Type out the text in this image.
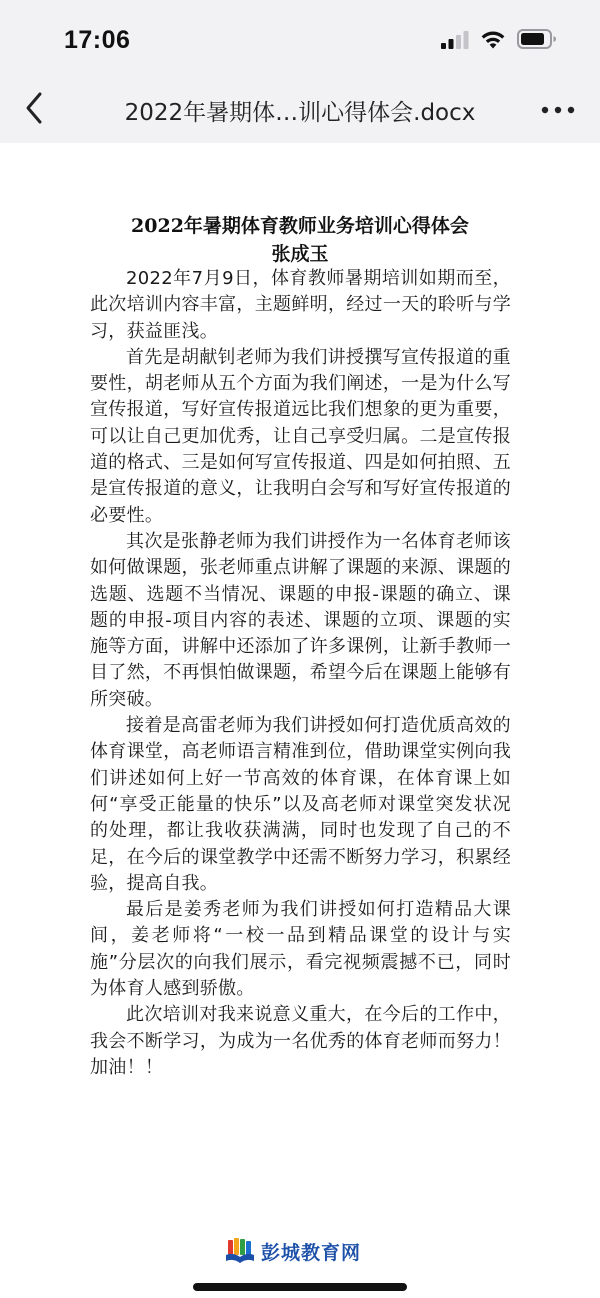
17:06
2022年暑期体…训心得体会.docx
2022年暑期体育教师业务培训心得体会
张成玉

2022年7月9日，体育教师暑期培训如期而至，此次培训内容丰富，主题鲜明，经过一天的聆听与学习，获益匪浅。

首先是胡献钊老师为我们讲授撰写宣传报道的重要性，胡老师从五个方面为我们阐述，一是为什么写宣传报道，写好宣传报道远比我们想象的更为重要，可以让自己更加优秀，让自己享受归属。二是宣传报道的格式、三是如何写宣传报道、四是如何拍照、五是宣传报道的意义，让我明白会写和写好宣传报道的必要性。

其次是张静老师为我们讲授作为一名体育老师该如何做课题，张老师重点讲解了课题的来源、课题的选题、选题不当情况、课题的申报-课题的确立、课题的申报-项目内容的表述、课题的立项、课题的实施等方面，讲解中还添加了许多课例，让新手教师一目了然，不再惧怕做课题，希望今后在课题上能够有所突破。

接着是高雷老师为我们讲授如何打造优质高效的体育课堂，高老师语言精准到位，借助课堂实例向我们讲述如何上好一节高效的体育课，在体育课上如何“享受正能量的快乐”以及高老师对课堂突发状况的处理，都让我收获满满，同时也发现了自己的不足，在今后的课堂教学中还需不断努力学习，积累经验，提高自我。

最后是姜秀老师为我们讲授如何打造精品大课间，姜老师将“一校一品到精品课堂的设计与实施”分层次的向我们展示，看完视频震撼不已，同时为体育人感到骄傲。

此次培训对我来说意义重大，在今后的工作中，我会不断学习，为成为一名优秀的体育老师而努力！加油！！

彭城教育网
